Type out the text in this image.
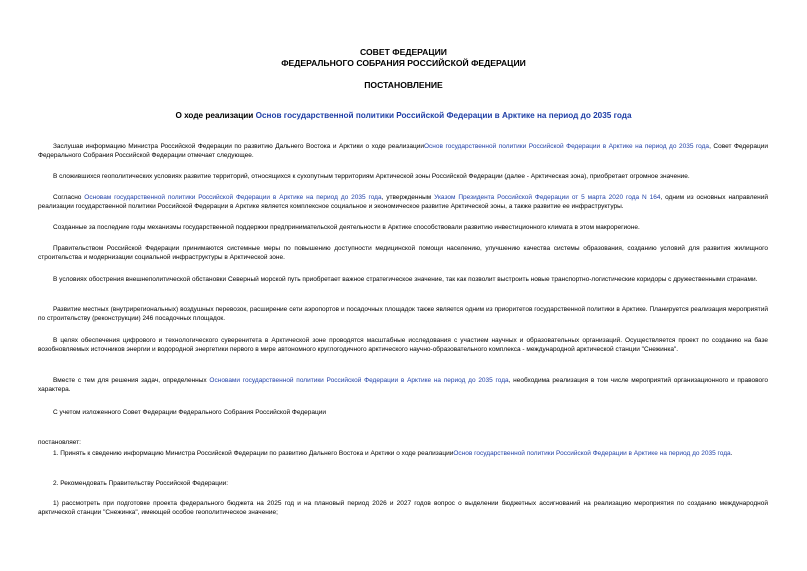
СОВЕТ ФЕДЕРАЦИИ
ФЕДЕРАЛЬНОГО СОБРАНИЯ РОССИЙСКОЙ ФЕДЕРАЦИИ
ПОСТАНОВЛЕНИЕ
О ходе реализации Основ государственной политики Российской Федерации в Арктике на период до 2035 года
Заслушав информацию Министра Российской Федерации по развитию Дальнего Востока и Арктики о ходе реализацииОснов государственной политики Российской Федерации в Арктике на период до 2035 года, Совет Федерации Федерального Собрания Российской Федерации отмечает следующее.
В сложившихся геополитических условиях развитие территорий, относящихся к сухопутным территориям Арктической зоны Российской Федерации (далее - Арктическая зона), приобретает огромное значение.
Согласно Основам государственной политики Российской Федерации в Арктике на период до 2035 года, утвержденным Указом Президента Российской Федерации от 5 марта 2020 года N 164, одним из основных направлений реализации государственной политики Российской Федерации в Арктике является комплексное социальное и экономическое развитие Арктической зоны, а также развитие ее инфраструктуры.
Созданные за последние годы механизмы государственной поддержки предпринимательской деятельности в Арктике способствовали развитию инвестиционного климата в этом макрорегионе.
Правительством Российской Федерации принимаются системные меры по повышению доступности медицинской помощи населению, улучшению качества системы образования, созданию условий для развития жилищного строительства и модернизации социальной инфраструктуры в Арктической зоне.
В условиях обострения внешнеполитической обстановки Северный морской путь приобретает важное стратегическое значение, так как позволит выстроить новые транспортно-логистические коридоры с дружественными странами.
Развитие местных (внутрирегиональных) воздушных перевозок, расширение сети аэропортов и посадочных площадок также является одним из приоритетов государственной политики в Арктике. Планируется реализация мероприятий по строительству (реконструкции) 246 посадочных площадок.
В целях обеспечения цифрового и технологического суверенитета в Арктической зоне проводятся масштабные исследования с участием научных и образовательных организаций. Осуществляется проект по созданию на базе возобновляемых источников энергии и водородной энергетики первого в мире автономного круглогодичного арктического научно-образовательного комплекса - международной арктической станции "Снежинка".
Вместе с тем для решения задач, определенных Основами государственной политики Российской Федерации в Арктике на период до 2035 года, необходима реализация в том числе мероприятий организационного и правового характера.
С учетом изложенного Совет Федерации Федерального Собрания Российской Федерации
постановляет:
1. Принять к сведению информацию Министра Российской Федерации по развитию Дальнего Востока и Арктики о ходе реализацииОснов государственной политики Российской Федерации в Арктике на период до 2035 года.
2. Рекомендовать Правительству Российской Федерации:
1) рассмотреть при подготовке проекта федерального бюджета на 2025 год и на плановый период 2026 и 2027 годов вопрос о выделении бюджетных ассигнований на реализацию мероприятия по созданию международной арктической станции "Снежинка", имеющей особое геополитическое значение;
